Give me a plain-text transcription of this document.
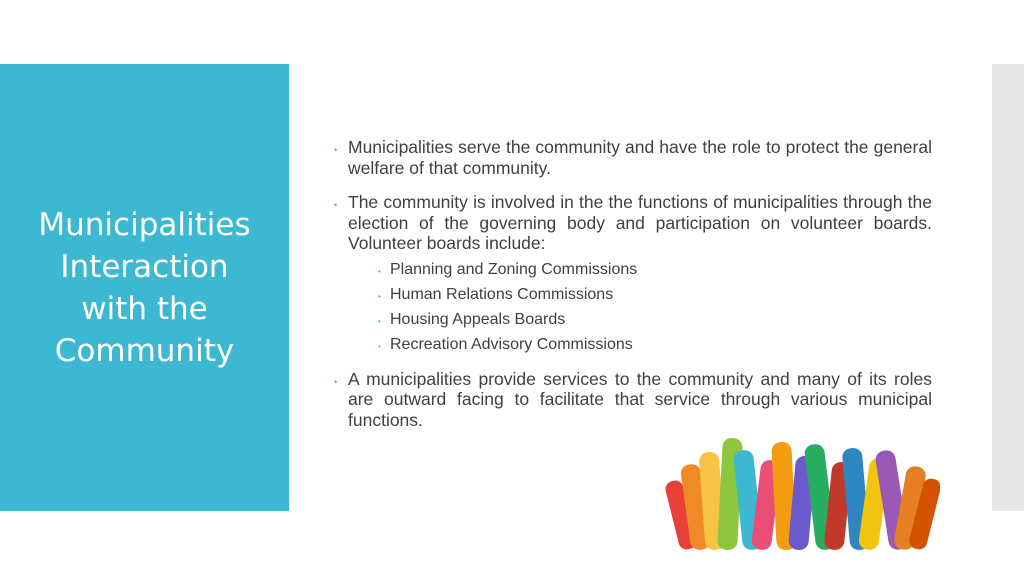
Municipalities
Interaction
with the
Community
• Municipalities serve the community and have the role to protect the general welfare of that community.
• The community is involved in the the functions of municipalities through the election of the governing body and participation on volunteer boards. Volunteer boards include:
• Planning and Zoning Commissions
• Human Relations Commissions
• Housing Appeals Boards
• Recreation Advisory Commissions
• A municipalities provide services to the community and many of its roles are outward facing to facilitate that service through various municipal functions.
